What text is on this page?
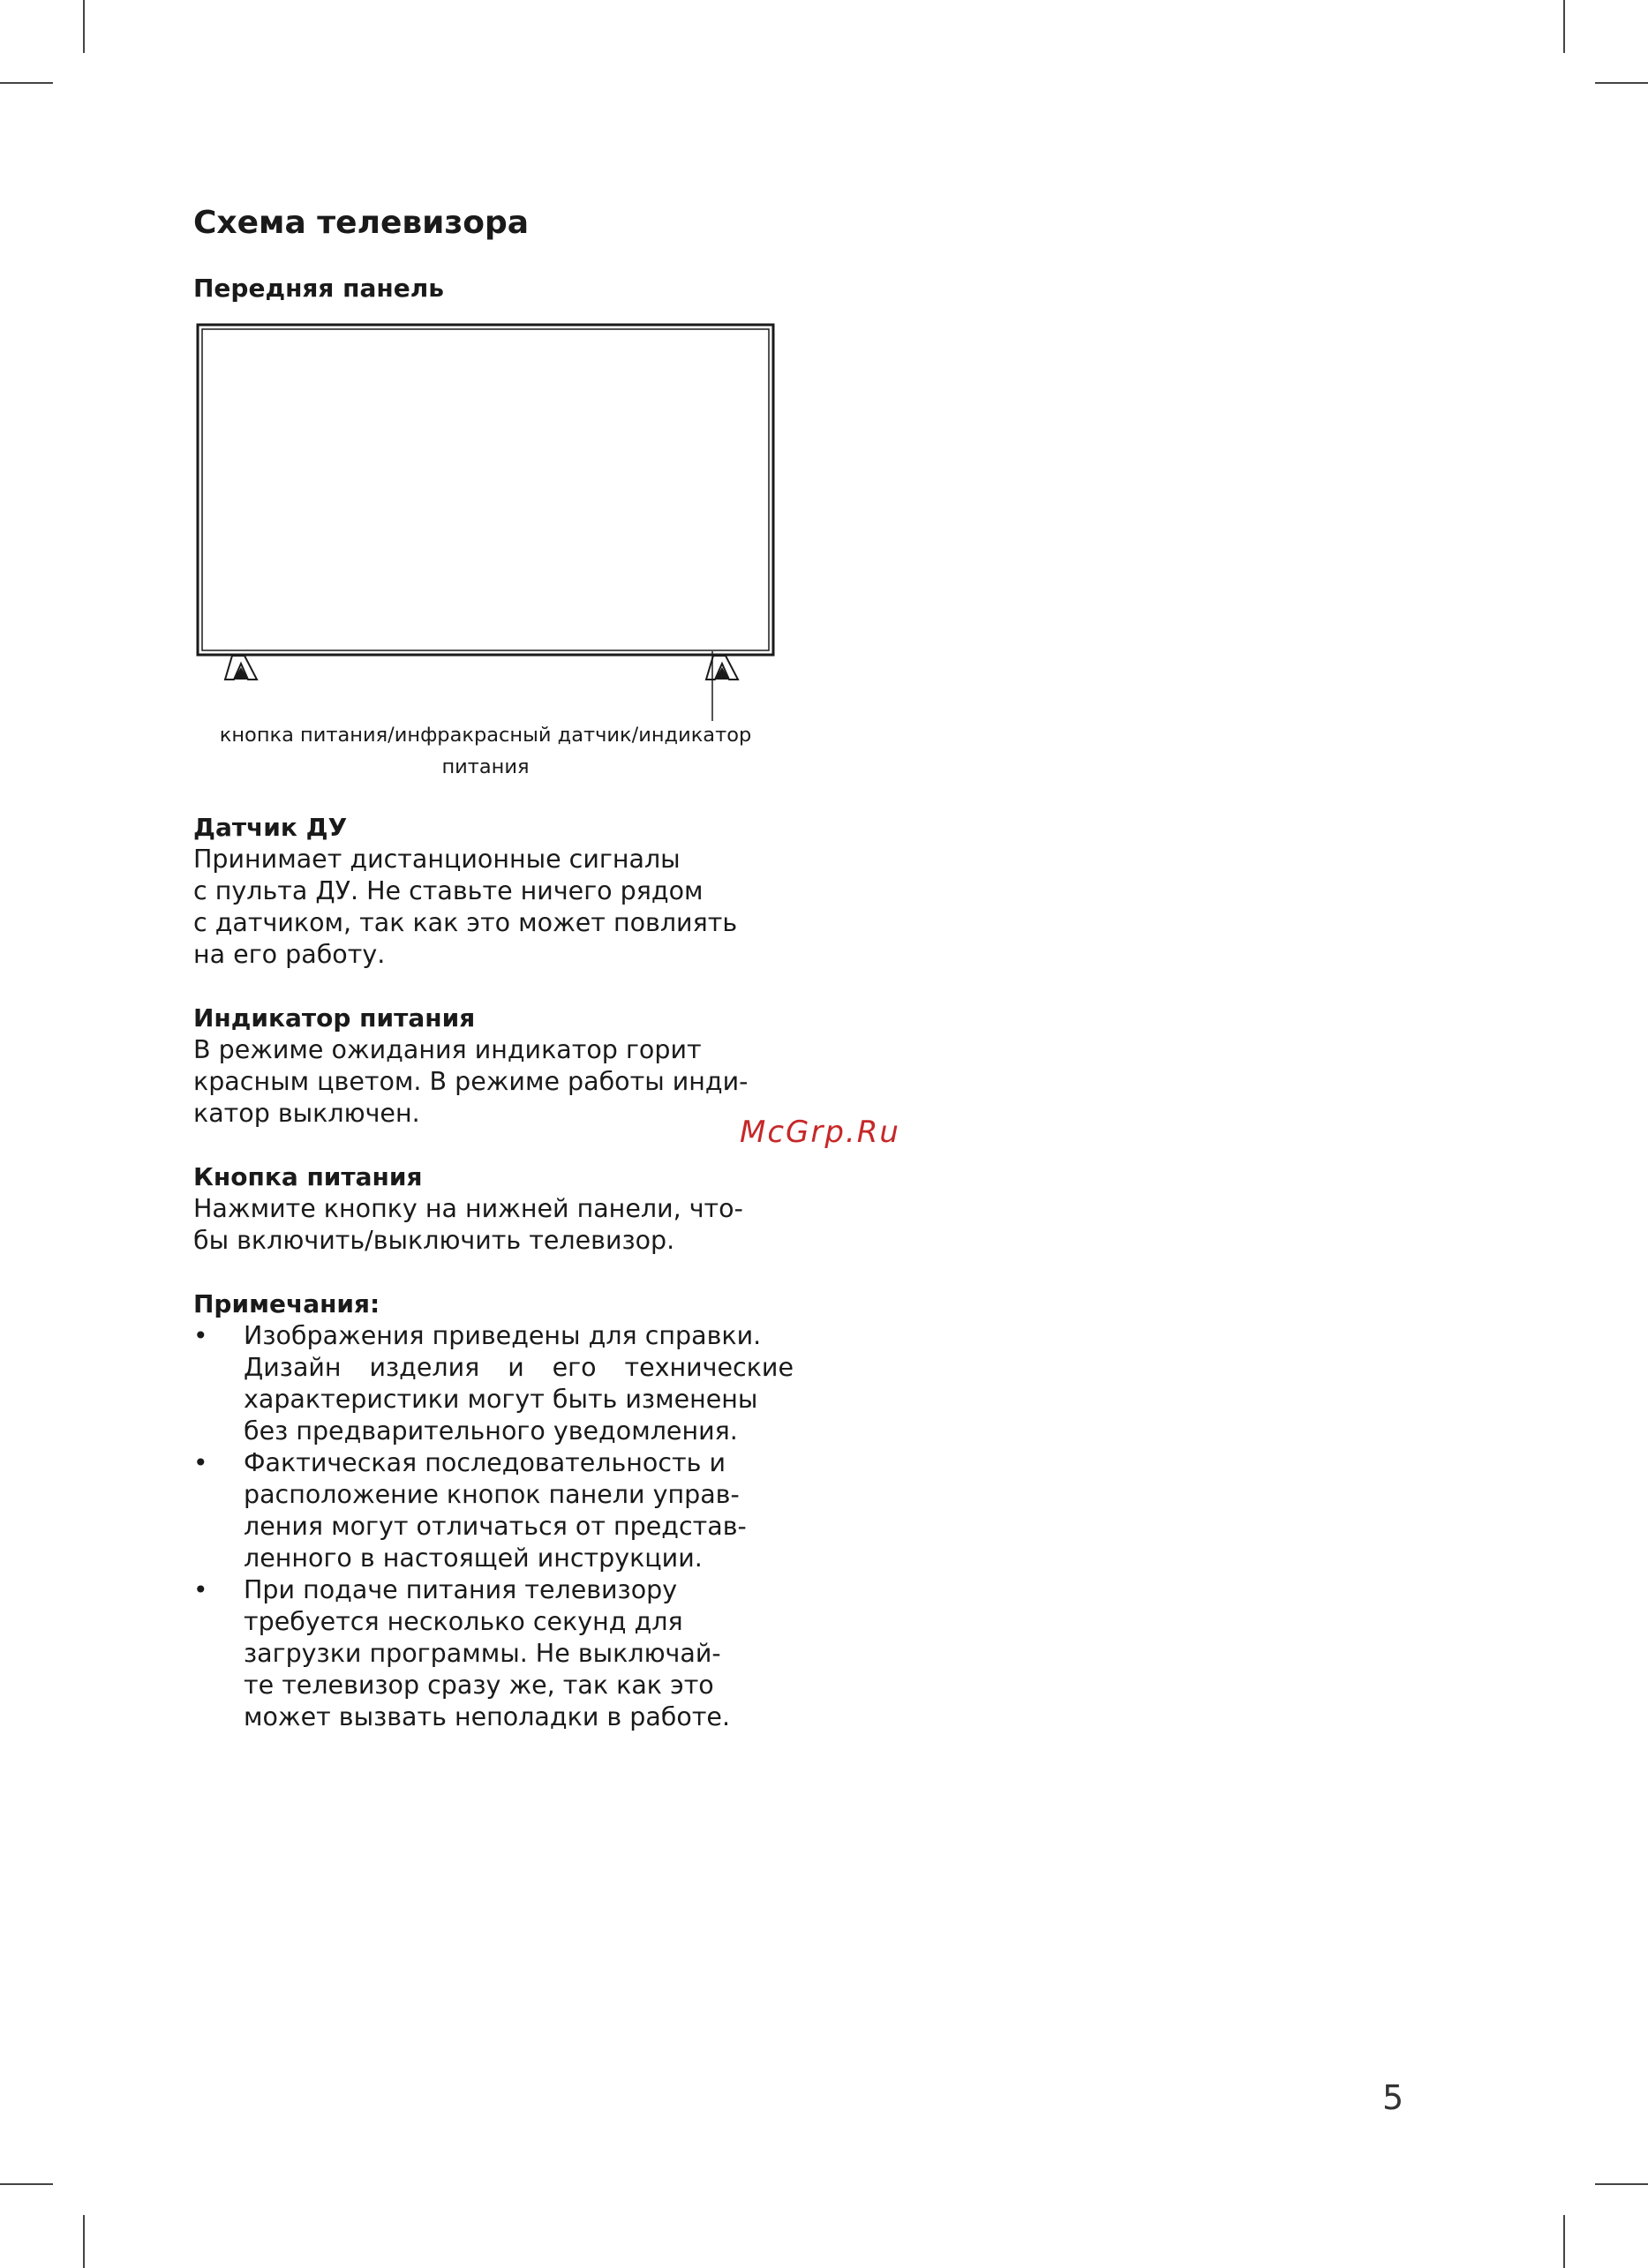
Схема телевизора
Передняя панель
кнопка питания/инфракрасный датчик/индикатор
питания
Датчик ДУ

Принимает дистанционные сигналы

с пульта ДУ. Не ставьте ничего рядом

с датчиком, так как это может повлиять

на его работу.

Индикатор питания

В режиме ожидания индикатор горит

красным цветом. В режиме работы инди-

катор выключен.

Кнопка питания

Нажмите кнопку на нижней панели, что-

бы включить/выключить телевизор.

Примечания:
• Изображения приведены для справки.
Дизайн изделия и его технические
характеристики могут быть изменены
без предварительного уведомления.
• Фактическая последовательность и
расположение кнопок панели управ-
ления могут отличаться от представ-
ленного в настоящей инструкции.
• При подаче питания телевизору
требуется несколько секунд для
загрузки программы. Не выключай-
те телевизор сразу же, так как это
может вызвать неполадки в работе.
McGrp.Ru
5
